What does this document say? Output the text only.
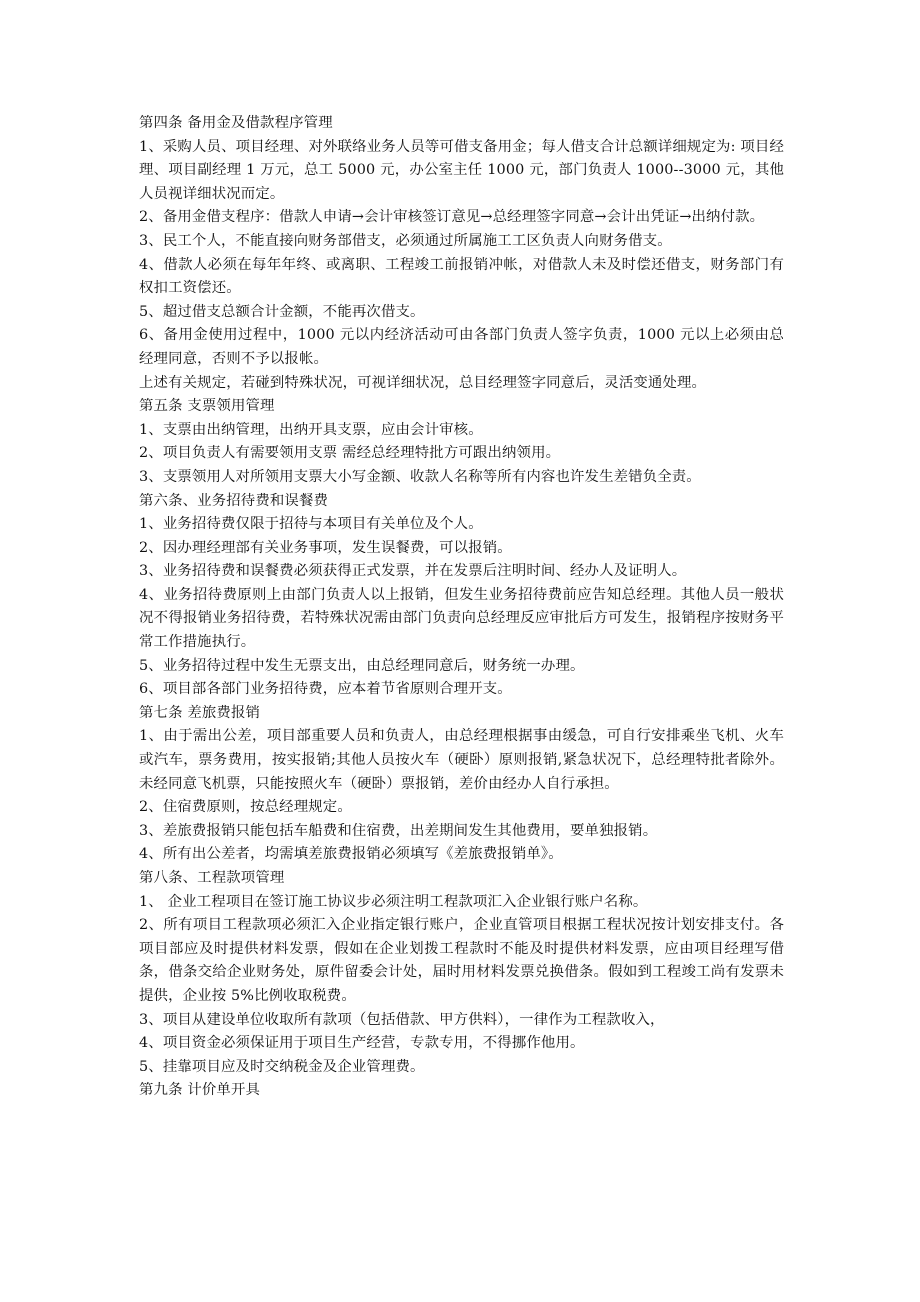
第四条 备用金及借款程序管理

1、采购人员、项目经理、对外联络业务人员等可借支备用金；每人借支合计总额详细规定为: 项目经理、项目副经理 1 万元，总工 5000 元，办公室主任 1000 元，部门负责人 1000--3000 元，其他人员视详细状况而定。

2、备用金借支程序：借款人申请→会计审核签订意见→总经理签字同意→会计出凭证→出纳付款。

3、民工个人，不能直接向财务部借支，必须通过所属施工工区负责人向财务借支。

4、借款人必须在每年年终、或离职、工程竣工前报销冲帐，对借款人未及时偿还借支，财务部门有权扣工资偿还。

5、超过借支总额合计金额，不能再次借支。

6、备用金使用过程中，1000 元以内经济活动可由各部门负责人签字负责，1000 元以上必须由总经理同意，否则不予以报帐。

上述有关规定，若碰到特殊状况，可视详细状况，总目经理签字同意后，灵活变通处理。

第五条 支票领用管理

1、支票由出纳管理，出纳开具支票，应由会计审核。

2、项目负责人有需要领用支票 需经总经理特批方可跟出纳领用。

3、支票领用人对所领用支票大小写金额、收款人名称等所有内容也许发生差错负全责。

第六条、业务招待费和误餐费

1、业务招待费仅限于招待与本项目有关单位及个人。

2、因办理经理部有关业务事项，发生误餐费，可以报销。

3、业务招待费和误餐费必须获得正式发票，并在发票后注明时间、经办人及证明人。

4、业务招待费原则上由部门负责人以上报销，但发生业务招待费前应告知总经理。其他人员一般状况不得报销业务招待费，若特殊状况需由部门负责向总经理反应审批后方可发生，报销程序按财务平常工作措施执行。

5、业务招待过程中发生无票支出，由总经理同意后，财务统一办理。

6、项目部各部门业务招待费，应本着节省原则合理开支。

第七条 差旅费报销

1、由于需出公差，项目部重要人员和负责人，由总经理根据事由缓急，可自行安排乘坐飞机、火车或汽车，票务费用，按实报销;其他人员按火车（硬卧）原则报销,紧急状况下，总经理特批者除外。 未经同意飞机票，只能按照火车（硬卧）票报销，差价由经办人自行承担。

2、住宿费原则，按总经理规定。

3、差旅费报销只能包括车船费和住宿费，出差期间发生其他费用，要单独报销。

4、所有出公差者，均需填差旅费报销必须填写《差旅费报销单》。

第八条、工程款项管理

1、 企业工程项目在签订施工协议步必须注明工程款项汇入企业银行账户名称。

2、所有项目工程款项必须汇入企业指定银行账户，企业直管项目根据工程状况按计划安排支付。各项目部应及时提供材料发票，假如在企业划拨工程款时不能及时提供材料发票，应由项目经理写借条，借条交给企业财务处，原件留委会计处，届时用材料发票兑换借条。假如到工程竣工尚有发票未提供，企业按 5%比例收取税费。

3、项目从建设单位收取所有款项（包括借款、甲方供料），一律作为工程款收入，

4、项目资金必须保证用于项目生产经营，专款专用，不得挪作他用。

5、挂靠项目应及时交纳税金及企业管理费。

第九条 计价单开具
